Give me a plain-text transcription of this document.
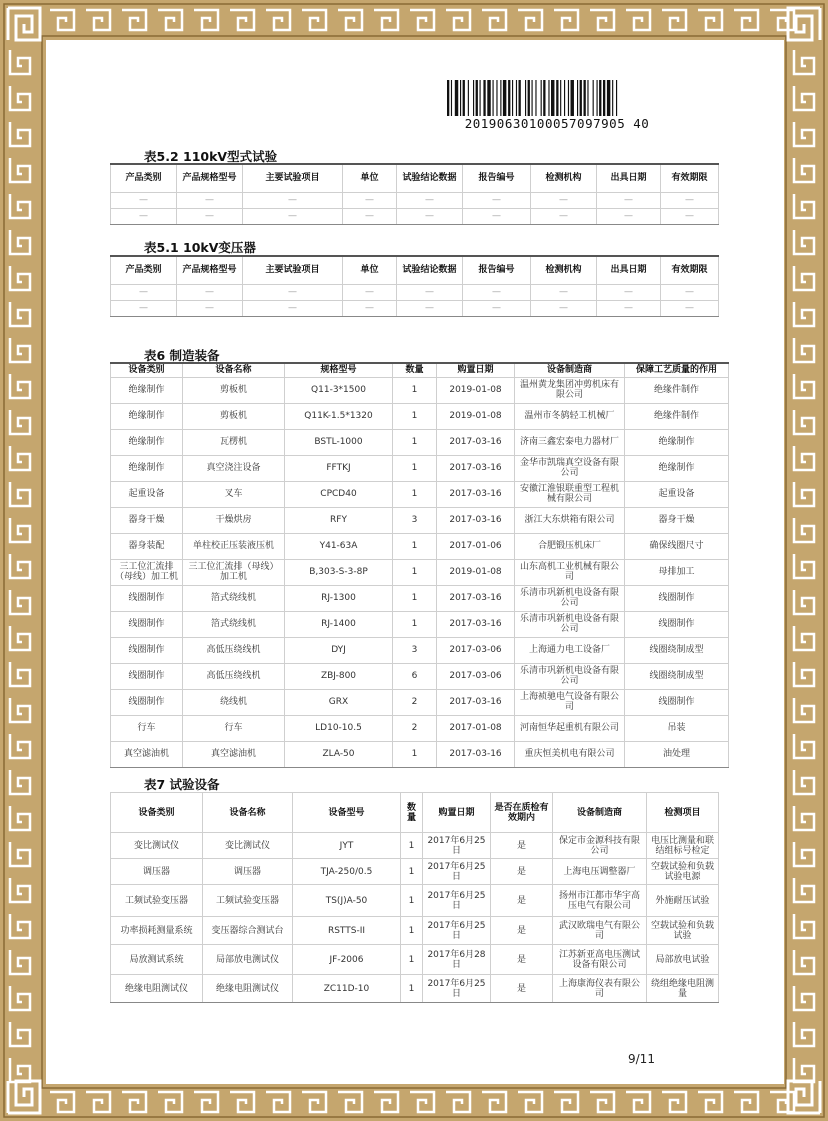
20190630100057097905 40
表5.2 110kV型式试验
产品类别	产品规格型号	主要试验项目	单位	试验结论数据	报告编号	检测机构	出具日期	有效期限
—	—	—	—	—	—	—	—	—
—	—	—	—	—	—	—	—	—
表5.1 10kV变压器
产品类别	产品规格型号	主要试验项目	单位	试验结论数据	报告编号	检测机构	出具日期	有效期限
—	—	—	—	—	—	—	—	—
—	—	—	—	—	—	—	—	—
表6 制造装备
设备类别	设备名称	规格型号	数量	购置日期	设备制造商	保障工艺质量的作用
绝缘制作	剪板机	Q11-3*1500	1	2019-01-08	温州黄龙集团冲剪机床有限公司	绝缘件制作
绝缘制作	剪板机	Q11K-1.5*1320	1	2019-01-08	温州市冬鸫轻工机械厂	绝缘件制作
绝缘制作	瓦楞机	BSTL-1000	1	2017-03-16	济南三鑫宏泰电力器材厂	绝缘制作
绝缘制作	真空浇注设备	FFTKJ	1	2017-03-16	金华市凯瑞真空设备有限公司	绝缘制作
起重设备	叉车	CPCD40	1	2017-03-16	安徽江淮银联重型工程机械有限公司	起重设备
器身干燥	干燥烘房	RFY	3	2017-03-16	浙江大东烘箱有限公司	器身干燥
器身装配	单柱校正压装液压机	Y41-63A	1	2017-01-06	合肥锻压机床厂	确保线圈尺寸
三工位汇流排（母线）加工机	三工位汇流排（母线）加工机	B,303-S-3-8P	1	2019-01-08	山东高机工业机械有限公司	母排加工
线圈制作	箔式绕线机	RJ-1300	1	2017-03-16	乐清市巩新机电设备有限公司	线圈制作
线圈制作	箔式绕线机	RJ-1400	1	2017-03-16	乐清市巩新机电设备有限公司	线圈制作
线圈制作	高低压绕线机	DYJ	3	2017-03-06	上海通力电工设备厂	线圈绕制成型
线圈制作	高低压绕线机	ZBJ-800	6	2017-03-06	乐清市巩新机电设备有限公司	线圈绕制成型
线圈制作	绕线机	GRX	2	2017-03-16	上海祯驰电气设备有限公司	线圈制作
行车	行车	LD10-10.5	2	2017-01-08	河南恒华起重机有限公司	吊装
真空滤油机	真空滤油机	ZLA-50	1	2017-03-16	重庆恒美机电有限公司	油处理
表7 试验设备
设备类别	设备名称	设备型号	数量	购置日期	是否在质检有效期内	设备制造商	检测项目
变比测试仪	变比测试仪	JYT	1	2017年6月25日	是	保定市金源科技有限公司	电压比测量和联结组标号检定
调压器	调压器	TJA-250/0.5	1	2017年6月25日	是	上海电压调整器厂	空载试验和负载试验电源
工频试验变压器	工频试验变压器	TS(J)A-50	1	2017年6月25日	是	扬州市江都市华宇高压电气有限公司	外施耐压试验
功率损耗测量系统	变压器综合测试台	RSTTS-II	1	2017年6月25日	是	武汉欧瑞电气有限公司	空载试验和负载试验
局放测试系统	局部放电测试仪	JF-2006	1	2017年6月28日	是	江苏新亚高电压测试设备有限公司	局部放电试验
绝缘电阻测试仪	绝缘电阻测试仪	ZC11D-10	1	2017年6月25日	是	上海康海仪表有限公司	绕组绝缘电阻测量
9/11
